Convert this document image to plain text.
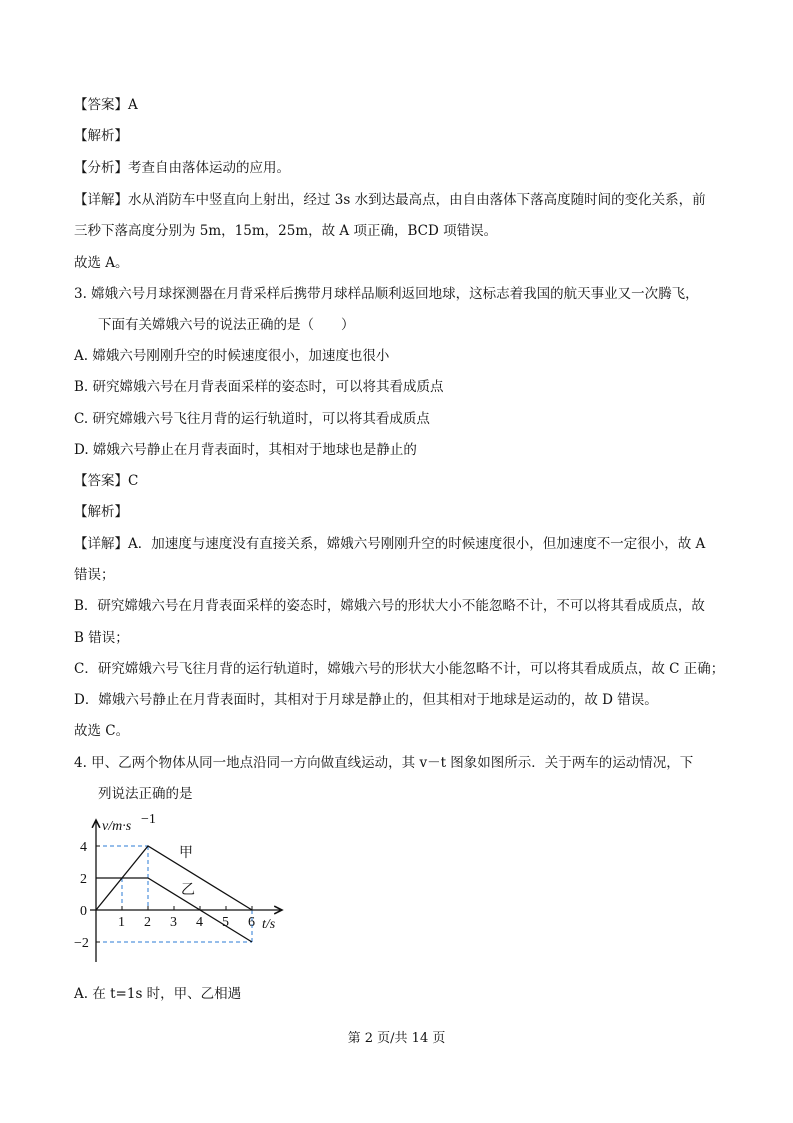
【答案】A
【解析】
【分析】考查自由落体运动的应用。
【详解】水从消防车中竖直向上射出，经过 3s 水到达最高点，由自由落体下落高度随时间的变化关系，前
三秒下落高度分别为 5m，15m，25m，故 A 项正确，BCD 项错误。
故选 A。
3. 嫦娥六号月球探测器在月背采样后携带月球样品顺利返回地球，这标志着我国的航天事业又一次腾飞，
下面有关嫦娥六号的说法正确的是（　　）
A. 嫦娥六号刚刚升空的时候速度很小，加速度也很小
B. 研究嫦娥六号在月背表面采样的姿态时，可以将其看成质点
C. 研究嫦娥六号飞往月背的运行轨道时，可以将其看成质点
D. 嫦娥六号静止在月背表面时，其相对于地球也是静止的
【答案】C
【解析】
【详解】A．加速度与速度没有直接关系，嫦娥六号刚刚升空的时候速度很小，但加速度不一定很小，故 A
错误；
B．研究嫦娥六号在月背表面采样的姿态时，嫦娥六号的形状大小不能忽略不计，不可以将其看成质点，故
B 错误；
C．研究嫦娥六号飞往月背的运行轨道时，嫦娥六号的形状大小能忽略不计，可以将其看成质点，故 C 正确；
D．嫦娥六号静止在月背表面时，其相对于月球是静止的，但其相对于地球是运动的，故 D 错误。
故选 C。
4. 甲、乙两个物体从同一地点沿同一方向做直线运动，其 v－t 图象如图所示．关于两车的运动情况，下
列说法正确的是
4
2
0
−2
1 2 3 4 5 6
v/m·s −1
t/s
甲
乙
A. 在 t=1s 时，甲、乙相遇
第 2 页/共 14 页
